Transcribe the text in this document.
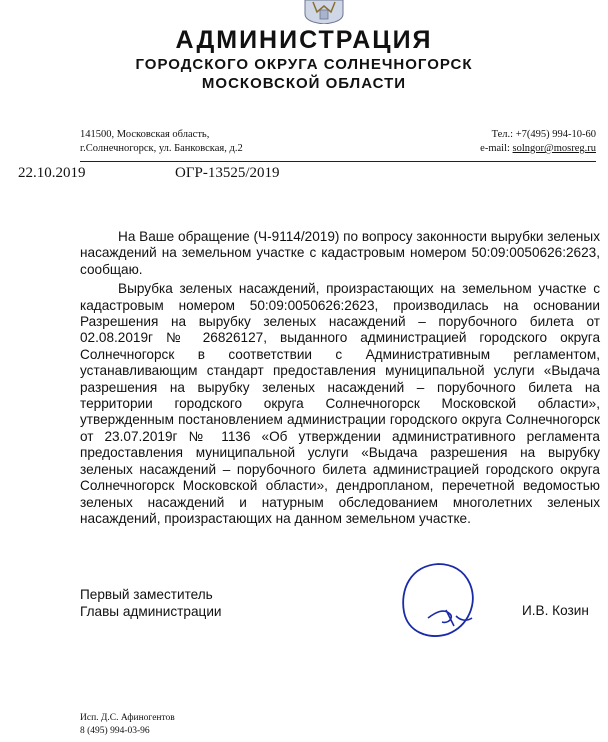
АДМИНИСТРАЦИЯ
ГОРОДСКОГО ОКРУГА СОЛНЕЧНОГОРСК
МОСКОВСКОЙ ОБЛАСТИ
141500, Московская область,
г.Солнечногорск, ул. Банковская, д.2
Тел.: +7(495) 994-10-60
e-mail: solngor@mosreg.ru
22.10.2019	ОГР-13525/2019

На Ваше обращение (Ч-9114/2019) по вопросу законности вырубки зеленых насаждений на земельном участке с кадастровым номером 50:09:0050626:2623, сообщаю.

Вырубка зеленых насаждений, произрастающих на земельном участке с кадастровым номером 50:09:0050626:2623, производилась на основании Разрешения на вырубку зеленых насаждений – порубочного билета от 02.08.2019г № 26826127, выданного администрацией городского округа Солнечногорск в соответствии с Административным регламентом, устанавливающим стандарт предоставления муниципальной услуги «Выдача разрешения на вырубку зеленых насаждений – порубочного билета на территории городского округа Солнечногорск Московской области», утвержденным постановлением администрации городского округа Солнечногорск от 23.07.2019г № 1136 «Об утверждении административного регламента предоставления муниципальной услуги «Выдача разрешения на вырубку зеленых насаждений – порубочного билета администрацией городского округа Солнечногорск Московской области», дендропланом, перечетной ведомостью зеленых насаждений и натурным обследованием многолетних зеленых насаждений, произрастающих на данном земельном участке.

Первый заместитель
Главы администрации	И.В. Козин
Исп. Д.С. Афиногентов
8 (495) 994-03-96
